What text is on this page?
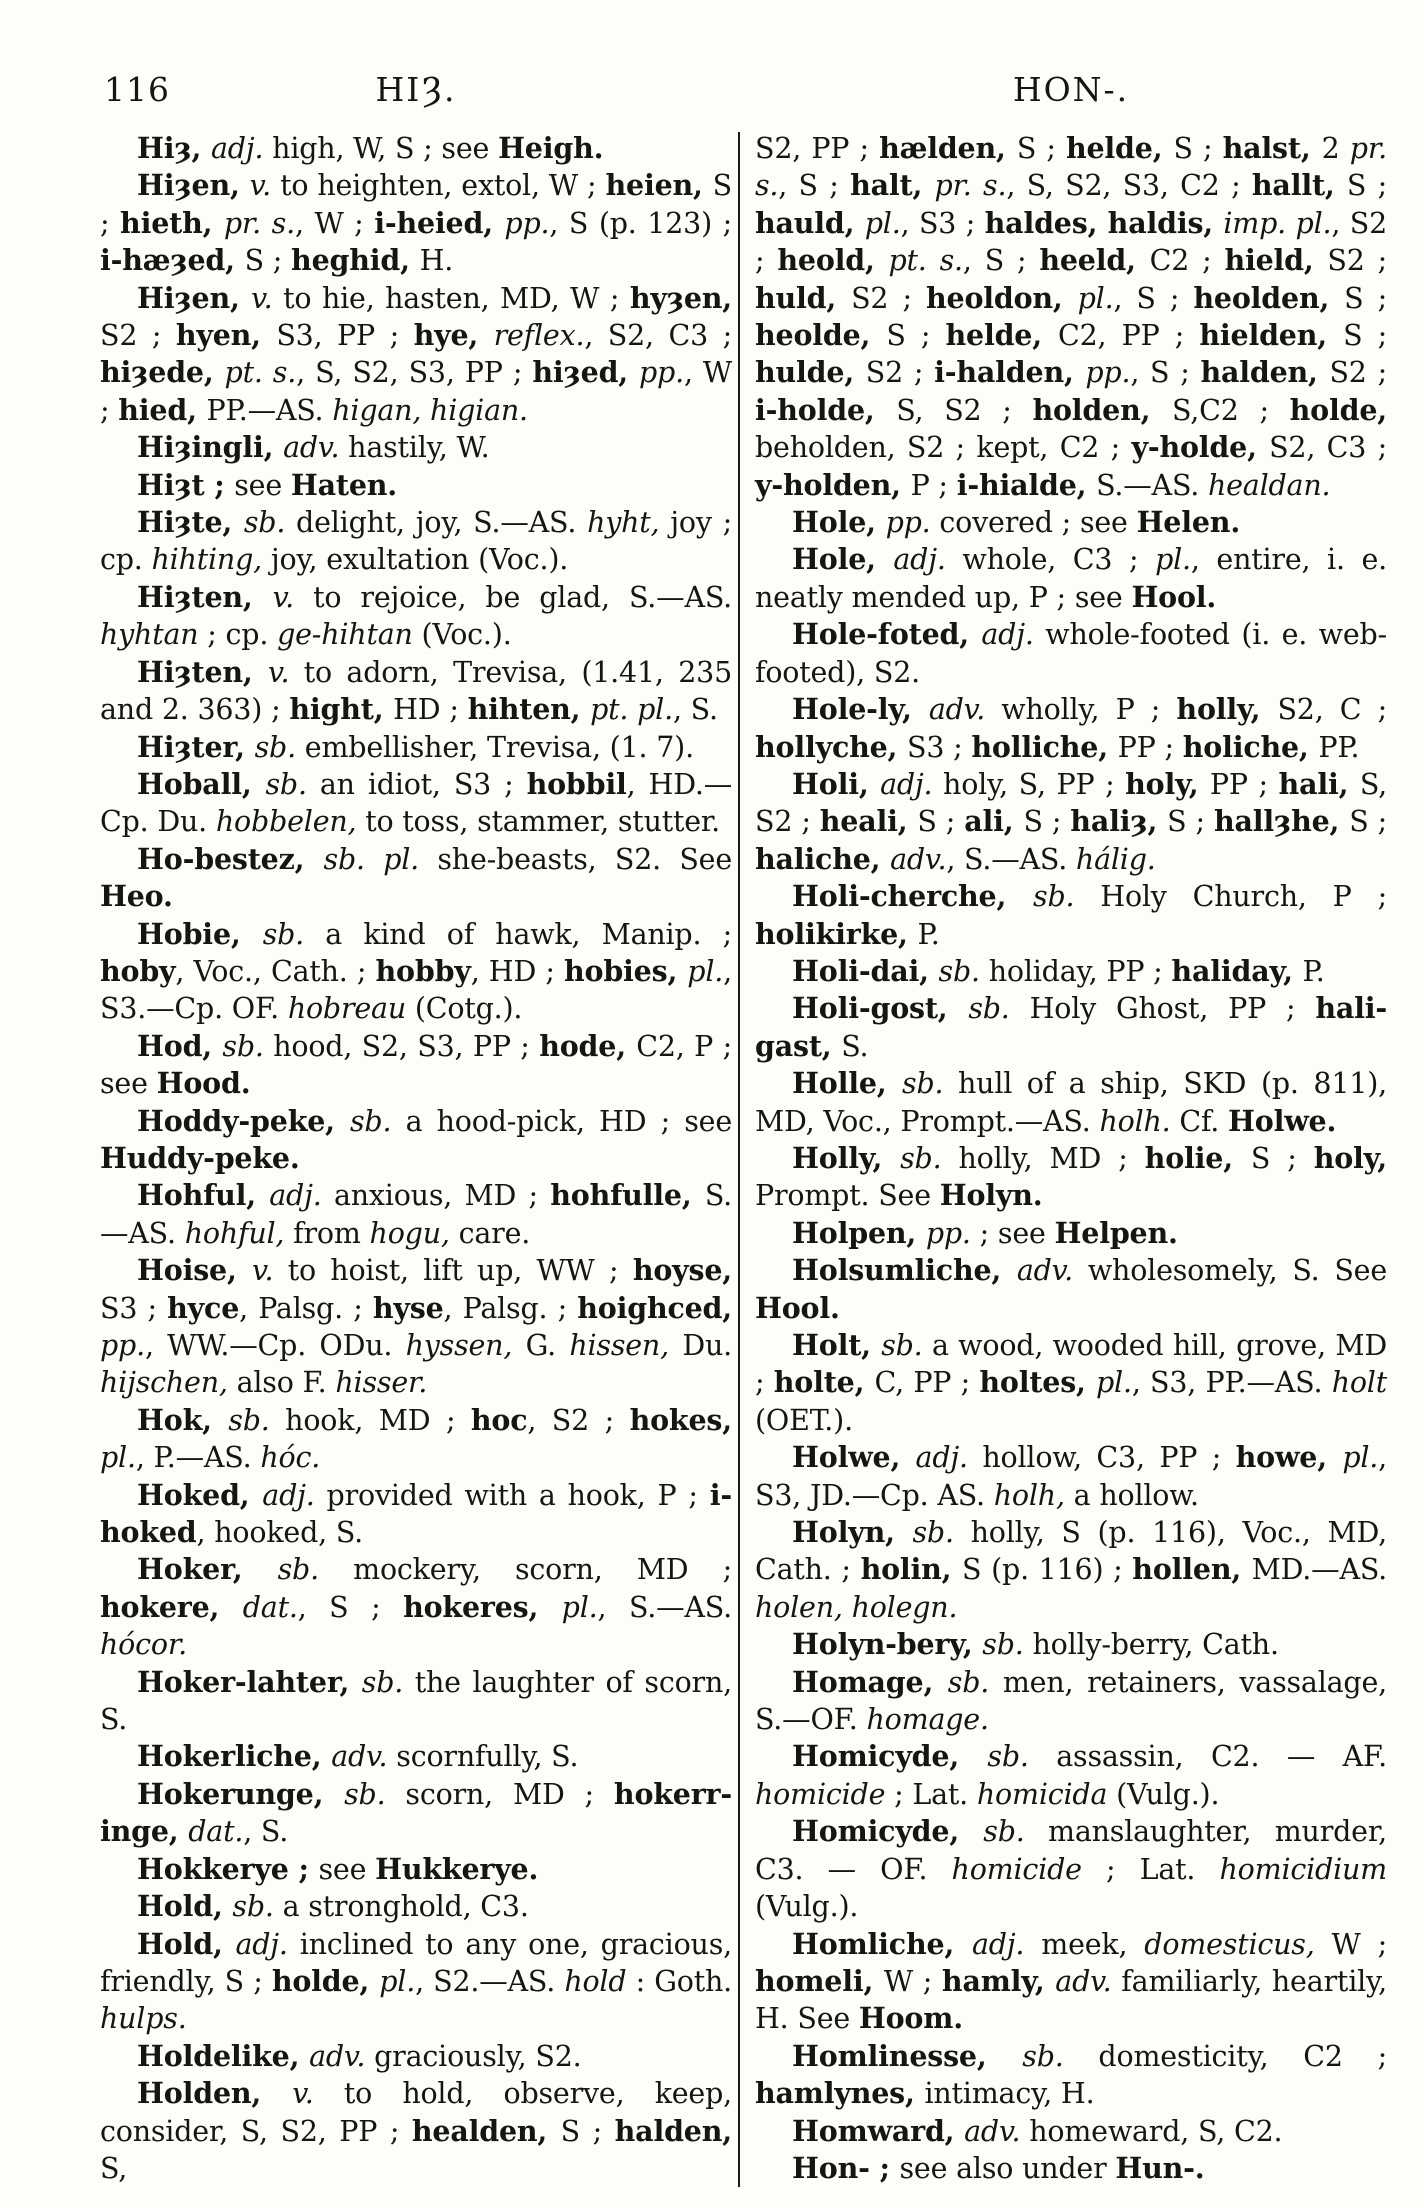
116	HIȜ.	HON-.

Hiȝ, adj. high, W, S ; see Heigh.

Hiȝen, v. to heighten, extol, W ; heien, S ; hieth, pr. s., W ; i-heied, pp., S (p. 123) ; i-hæȝed, S ; heghid, H.

Hiȝen, v. to hie, hasten, MD, W ; hyȝen, S2 ; hyen, S3, PP ; hye, reflex., S2, C3 ; hiȝede, pt. s., S, S2, S3, PP ; hiȝed, pp., W ; hied, PP.—AS. higan, higian.

Hiȝingli, adv. hastily, W.

Hiȝt ; see Haten.

Hiȝte, sb. delight, joy, S.—AS. hyht, joy ; cp. hihting, joy, exultation (Voc.).

Hiȝten, v. to rejoice, be glad, S.—AS. hyhtan ; cp. ge-hihtan (Voc.).

Hiȝten, v. to adorn, Trevisa, (1.41, 235 and 2. 363) ; hight, HD ; hihten, pt. pl., S.

Hiȝter, sb. embellisher, Trevisa, (1. 7).

Hoball, sb. an idiot, S3 ; hobbil, HD.—Cp. Du. hobbelen, to toss, stammer, stutter.

Ho-bestez, sb. pl. she-beasts, S2. See Heo.

Hobie, sb. a kind of hawk, Manip. ; hoby, Voc., Cath. ; hobby, HD ; hobies, pl., S3.—Cp. OF. hobreau (Cotg.).

Hod, sb. hood, S2, S3, PP ; hode, C2, P ; see Hood.

Hoddy-peke, sb. a hood-pick, HD ; see Huddy-peke.

Hohful, adj. anxious, MD ; hohfulle, S.—AS. hohful, from hogu, care.

Hoise, v. to hoist, lift up, WW ; hoyse, S3 ; hyce, Palsg. ; hyse, Palsg. ; hoighced, pp., WW.—Cp. ODu. hyssen, G. hissen, Du. hijschen, also F. hisser.

Hok, sb. hook, MD ; hoc, S2 ; hokes, pl., P.—AS. hóc.

Hoked, adj. provided with a hook, P ; i-hoked, hooked, S.

Hoker, sb. mockery, scorn, MD ; hokere, dat., S ; hokeres, pl., S.—AS. hócor.

Hoker-lahter, sb. the laughter of scorn, S.

Hokerliche, adv. scornfully, S.

Hokerunge, sb. scorn, MD ; hokerr-inge, dat., S.

Hokkerye ; see Hukkerye.

Hold, sb. a stronghold, C3.

Hold, adj. inclined to any one, gracious, friendly, S ; holde, pl., S2.—AS. hold : Goth. hulps.

Holdelike, adv. graciously, S2.

Holden, v. to hold, observe, keep, consider, S, S2, PP ; healden, S ; halden, S,

S2, PP ; hælden, S ; helde, S ; halst, 2 pr. s., S ; halt, pr. s., S, S2, S3, C2 ; hallt, S ; hauld, pl., S3 ; haldes, haldis, imp. pl., S2 ; heold, pt. s., S ; heeld, C2 ; hield, S2 ; huld, S2 ; heoldon, pl., S ; heolden, S ; heolde, S ; helde, C2, PP ; hielden, S ; hulde, S2 ; i-halden, pp., S ; halden, S2 ; i-holde, S, S2 ; holden, S,C2 ; holde, beholden, S2 ; kept, C2 ; y-holde, S2, C3 ; y-holden, P ; i-hialde, S.—AS. healdan.

Hole, pp. covered ; see Helen.

Hole, adj. whole, C3 ; pl., entire, i. e. neatly mended up, P ; see Hool.

Hole-foted, adj. whole-footed (i. e. web-footed), S2.

Hole-ly, adv. wholly, P ; holly, S2, C ; hollyche, S3 ; holliche, PP ; holiche, PP.

Holi, adj. holy, S, PP ; holy, PP ; hali, S, S2 ; heali, S ; ali, S ; haliȝ, S ; hallȝhe, S ; haliche, adv., S.—AS. hálig.

Holi-cherche, sb. Holy Church, P ; holikirke, P.

Holi-dai, sb. holiday, PP ; haliday, P.

Holi-gost, sb. Holy Ghost, PP ; hali-gast, S.

Holle, sb. hull of a ship, SKD (p. 811), MD, Voc., Prompt.—AS. holh. Cf. Holwe.

Holly, sb. holly, MD ; holie, S ; holy, Prompt. See Holyn.

Holpen, pp. ; see Helpen.

Holsumliche, adv. wholesomely, S. See Hool.

Holt, sb. a wood, wooded hill, grove, MD ; holte, C, PP ; holtes, pl., S3, PP.—AS. holt (OET.).

Holwe, adj. hollow, C3, PP ; howe, pl., S3, JD.—Cp. AS. holh, a hollow.

Holyn, sb. holly, S (p. 116), Voc., MD, Cath. ; holin, S (p. 116) ; hollen, MD.—AS. holen, holegn.

Holyn-bery, sb. holly-berry, Cath.

Homage, sb. men, retainers, vassalage, S.—OF. homage.

Homicyde, sb. assassin, C2. — AF. homicide ; Lat. homicida (Vulg.).

Homicyde, sb. manslaughter, murder, C3. — OF. homicide ; Lat. homicidium (Vulg.).

Homliche, adj. meek, domesticus, W ; homeli, W ; hamly, adv. familiarly, heartily, H. See Hoom.

Homlinesse, sb. domesticity, C2 ; hamlynes, intimacy, H.

Homward, adv. homeward, S, C2.

Hon- ; see also under Hun-.
